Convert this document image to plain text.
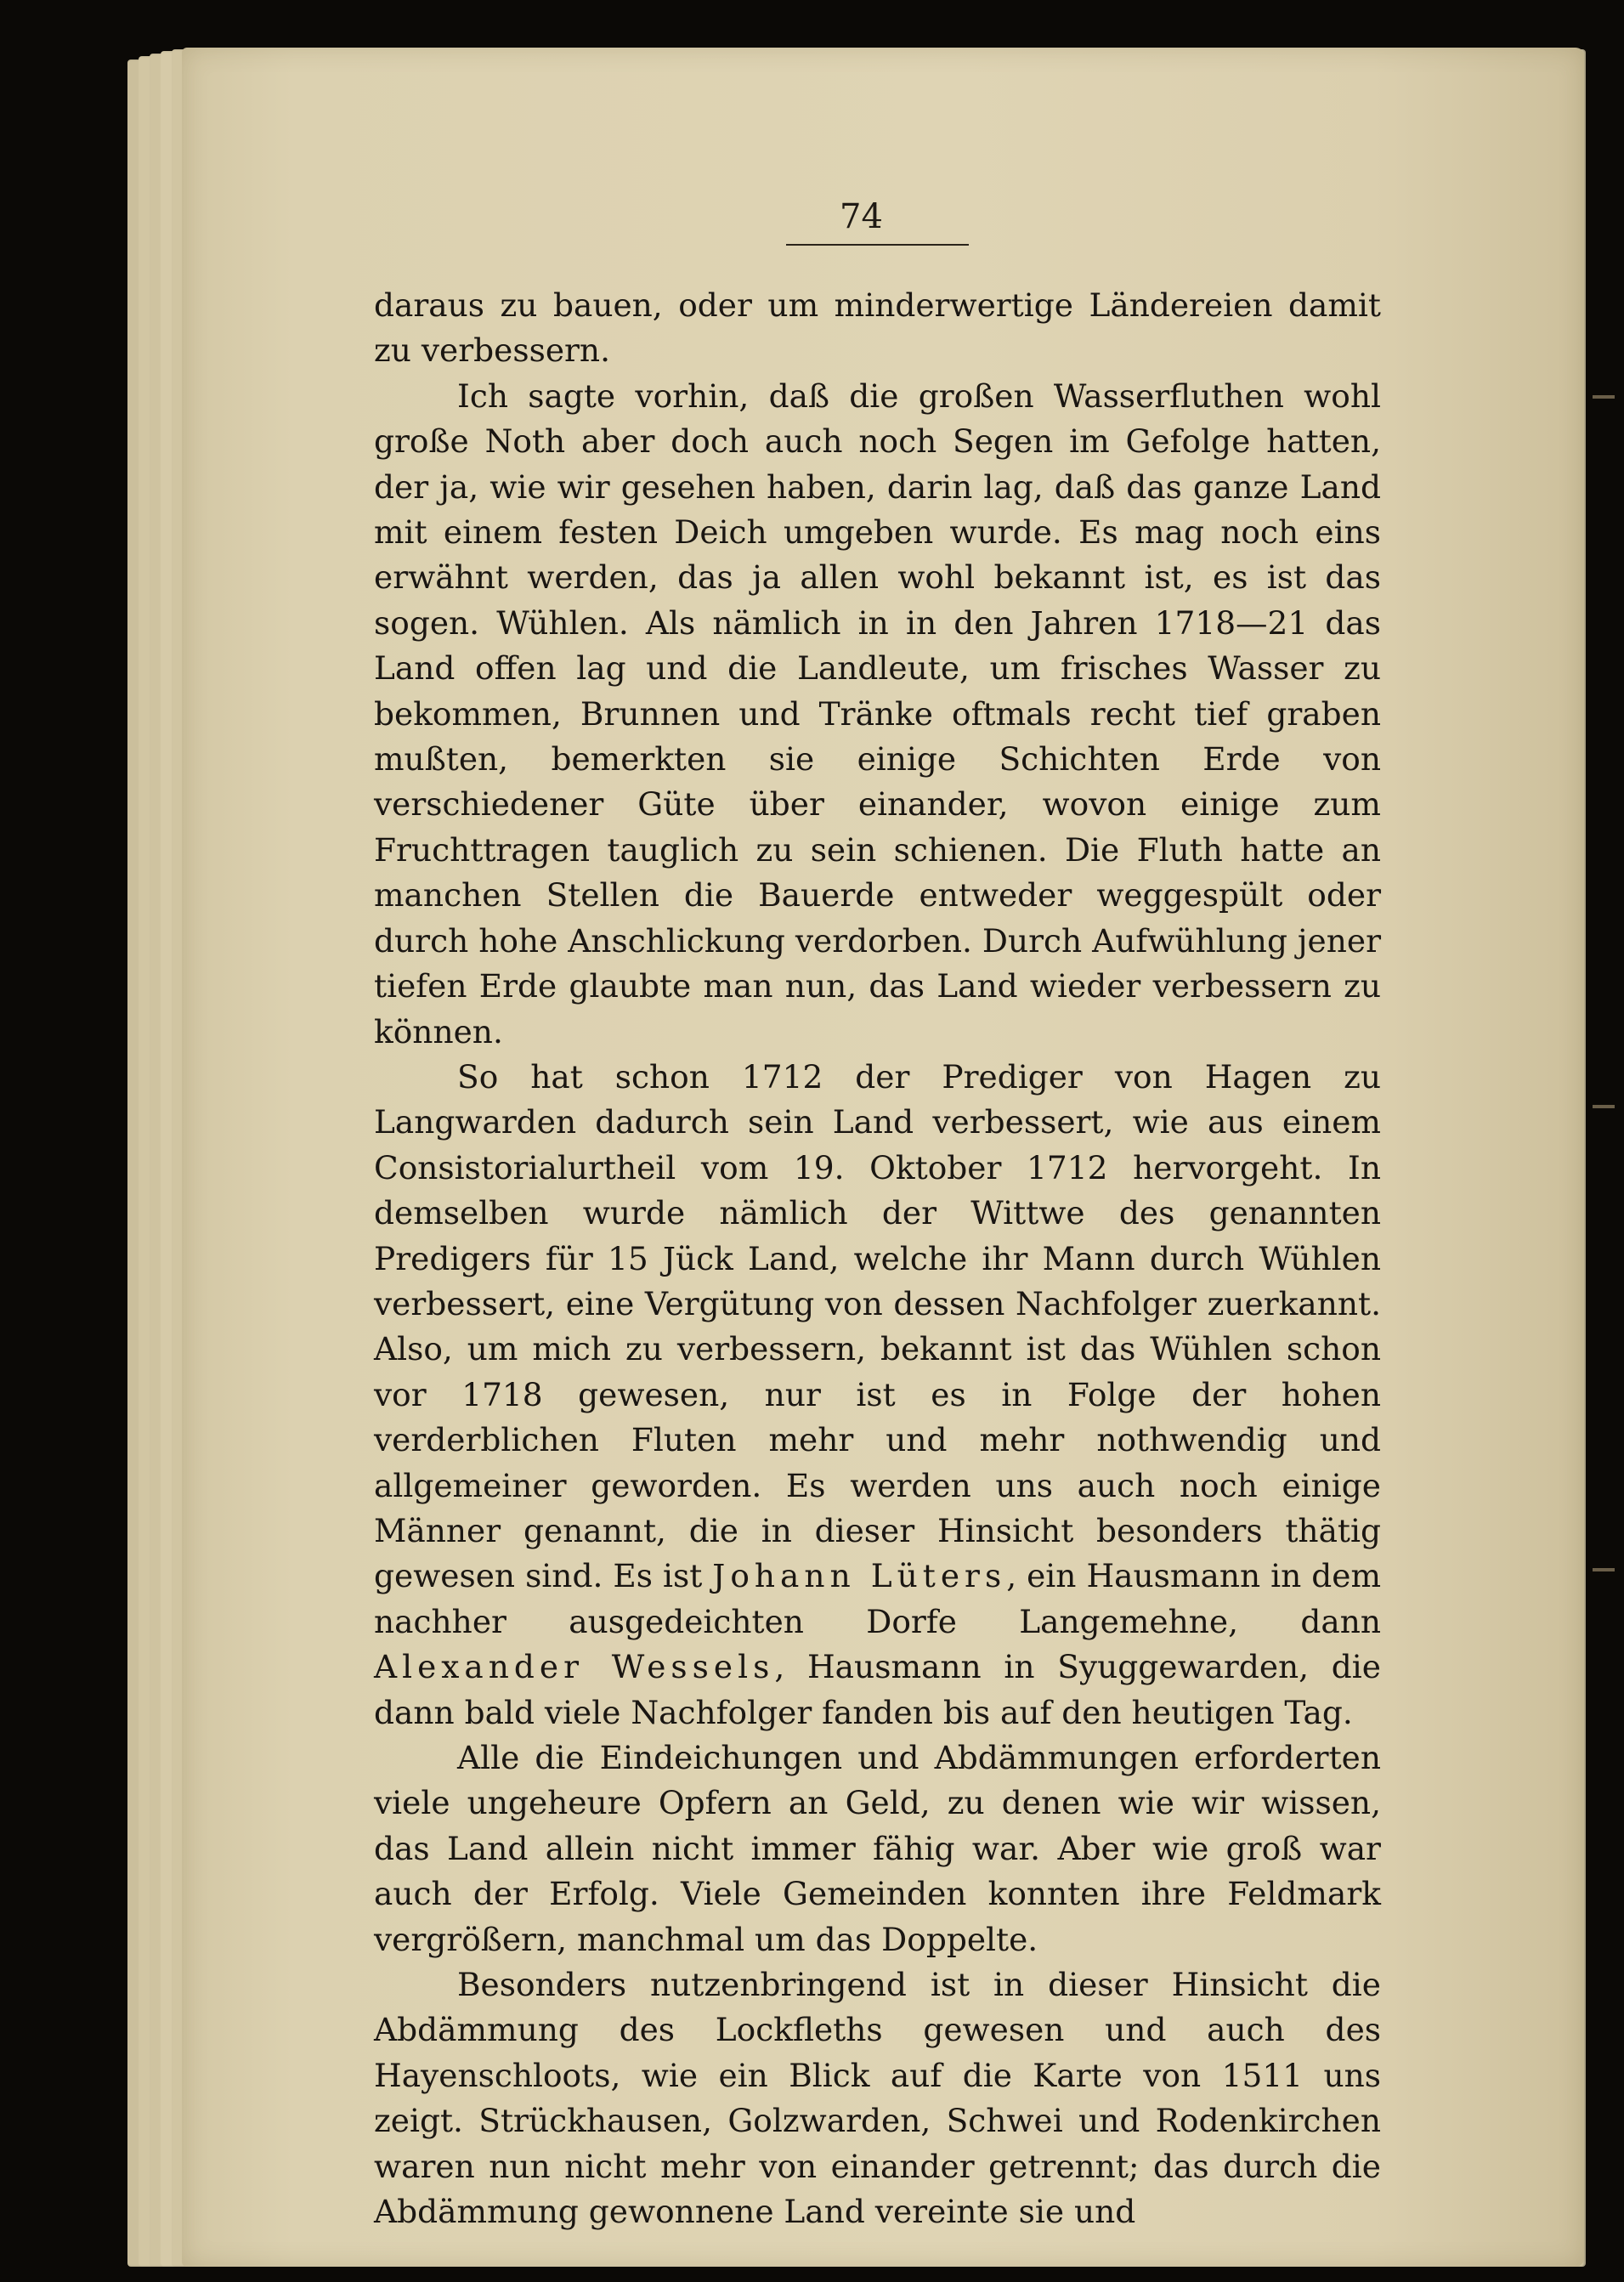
74

daraus zu bauen, oder um minderwertige Ländereien damit zu verbessern.

Ich sagte vorhin, daß die großen Wasserfluthen wohl große Noth aber doch auch noch Segen im Gefolge hatten, der ja, wie wir gesehen haben, darin lag, daß das ganze Land mit einem festen Deich umgeben wurde. Es mag noch eins erwähnt werden, das ja allen wohl bekannt ist, es ist das sogen. Wühlen. Als nämlich in in den Jahren 1718—21 das Land offen lag und die Landleute, um frisches Wasser zu bekommen, Brunnen und Tränke oftmals recht tief graben mußten, bemerkten sie einige Schichten Erde von verschiedener Güte über einander, wovon einige zum Fruchttragen tauglich zu sein schienen. Die Fluth hatte an manchen Stellen die Bauerde entweder weggespült oder durch hohe Anschlickung verdorben. Durch Aufwühlung jener tiefen Erde glaubte man nun, das Land wieder verbessern zu können.

So hat schon 1712 der Prediger von Hagen zu Langwarden dadurch sein Land verbessert, wie aus einem Consistorialurtheil vom 19. Oktober 1712 hervorgeht. In demselben wurde nämlich der Wittwe des genannten Predigers für 15 Jück Land, welche ihr Mann durch Wühlen verbessert, eine Vergütung von dessen Nachfolger zuerkannt. Also, um mich zu verbessern, bekannt ist das Wühlen schon vor 1718 gewesen, nur ist es in Folge der hohen verderblichen Fluten mehr und mehr nothwendig und allgemeiner geworden. Es werden uns auch noch einige Männer genannt, die in dieser Hinsicht besonders thätig gewesen sind. Es ist Johann Lüters, ein Hausmann in dem nachher ausgedeichten Dorfe Langemehne, dann Alexander Wessels, Hausmann in Syuggewarden, die dann bald viele Nachfolger fanden bis auf den heutigen Tag.

Alle die Eindeichungen und Abdämmungen erforderten viele ungeheure Opfern an Geld, zu denen wie wir wissen, das Land allein nicht immer fähig war. Aber wie groß war auch der Erfolg. Viele Gemeinden konnten ihre Feldmark vergrößern, manchmal um das Doppelte.

Besonders nutzenbringend ist in dieser Hinsicht die Abdämmung des Lockfleths gewesen und auch des Hayenschloots, wie ein Blick auf die Karte von 1511 uns zeigt. Strückhausen, Golzwarden, Schwei und Rodenkirchen waren nun nicht mehr von einander getrennt; das durch die Abdämmung gewonnene Land vereinte sie und
